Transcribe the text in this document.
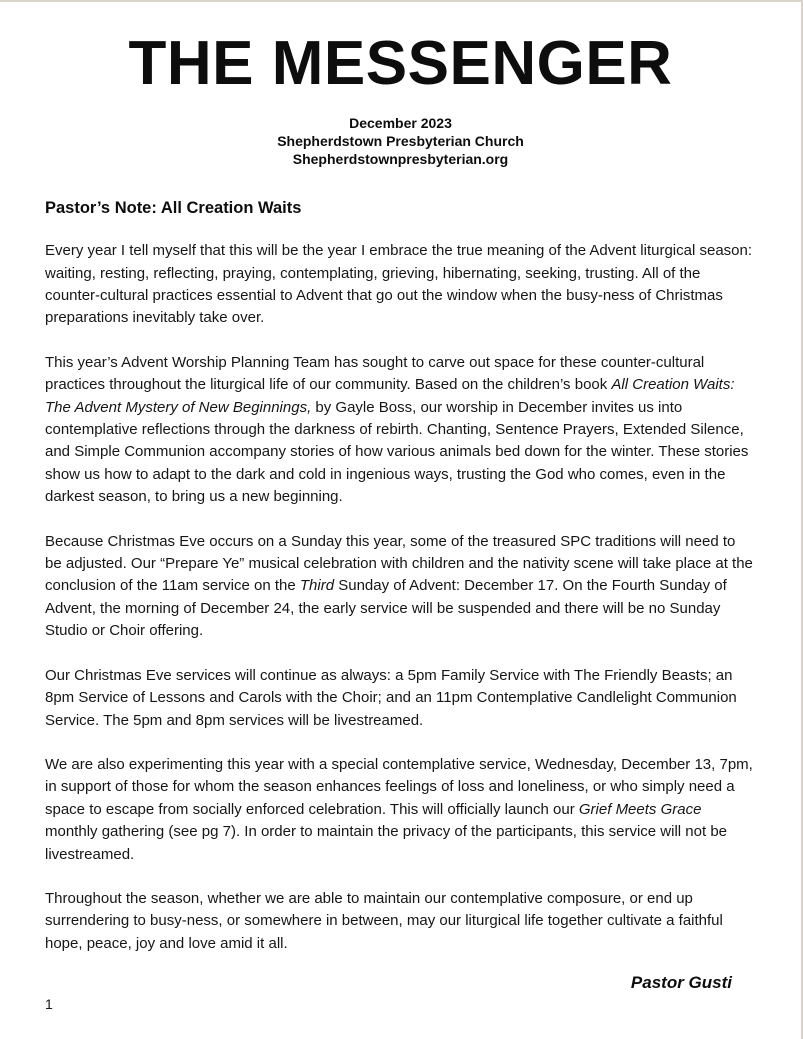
THE MESSENGER
December 2023
Shepherdstown Presbyterian Church
Shepherdstownpresbyterian.org
Pastor’s Note: All Creation Waits

Every year I tell myself that this will be the year I embrace the true meaning of the Advent liturgical season: waiting, resting, reflecting, praying, contemplating, grieving, hibernating, seeking, trusting. All of the counter-cultural practices essential to Advent that go out the window when the busy-ness of Christmas preparations inevitably take over.

This year’s Advent Worship Planning Team has sought to carve out space for these counter-cultural practices throughout the liturgical life of our community. Based on the children’s book All Creation Waits: The Advent Mystery of New Beginnings, by Gayle Boss, our worship in December invites us into contemplative reflections through the darkness of rebirth. Chanting, Sentence Prayers, Extended Silence, and Simple Communion accompany stories of how various animals bed down for the winter. These stories show us how to adapt to the dark and cold in ingenious ways, trusting the God who comes, even in the darkest season, to bring us a new beginning.

Because Christmas Eve occurs on a Sunday this year, some of the treasured SPC traditions will need to be adjusted. Our “Prepare Ye” musical celebration with children and the nativity scene will take place at the conclusion of the 11am service on the Third Sunday of Advent: December 17. On the Fourth Sunday of Advent, the morning of December 24, the early service will be suspended and there will be no Sunday Studio or Choir offering.

Our Christmas Eve services will continue as always: a 5pm Family Service with The Friendly Beasts; an 8pm Service of Lessons and Carols with the Choir; and an 11pm Contemplative Candlelight Communion Service. The 5pm and 8pm services will be livestreamed.

We are also experimenting this year with a special contemplative service, Wednesday, December 13, 7pm, in support of those for whom the season enhances feelings of loss and loneliness, or who simply need a space to escape from socially enforced celebration. This will officially launch our Grief Meets Grace monthly gathering (see pg 7). In order to maintain the privacy of the participants, this service will not be livestreamed.

Throughout the season, whether we are able to maintain our contemplative composure, or end up surrendering to busy-ness, or somewhere in between, may our liturgical life together cultivate a faithful hope, peace, joy and love amid it all.

Pastor Gusti
1
